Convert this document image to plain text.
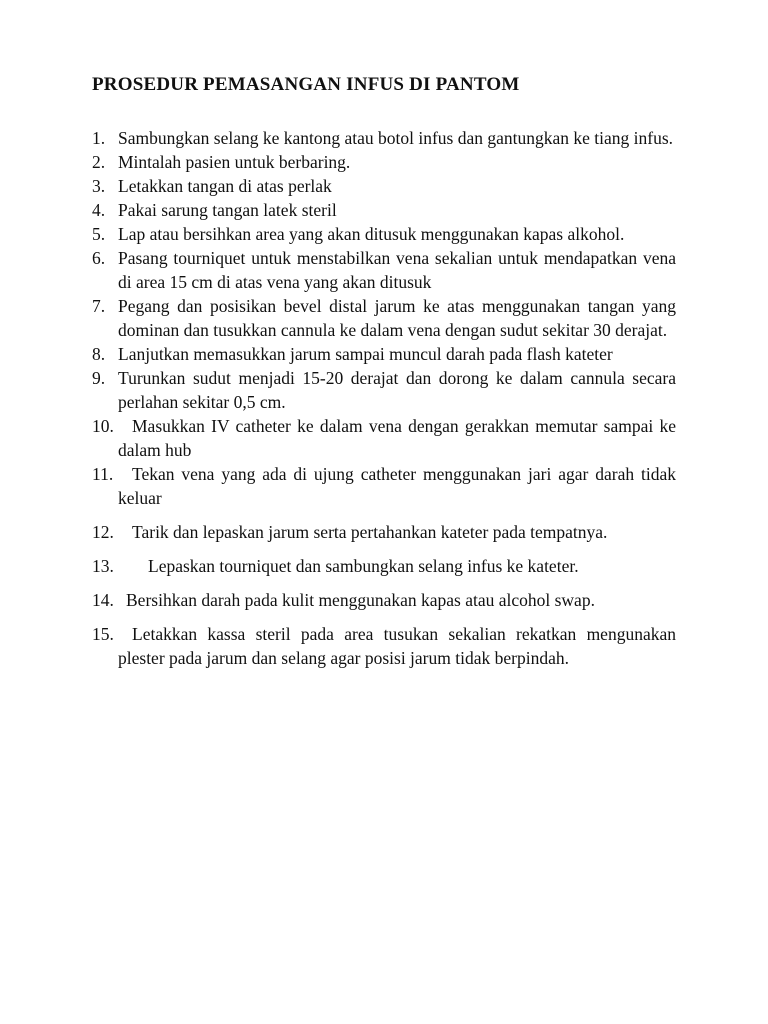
PROSEDUR PEMASANGAN INFUS DI PANTOM
1. Sambungkan selang ke kantong atau botol infus dan gantungkan ke tiang infus.
2. Mintalah pasien untuk berbaring.
3. Letakkan tangan di atas perlak
4. Pakai sarung tangan latek steril
5. Lap atau bersihkan area yang akan ditusuk menggunakan kapas alkohol.
6. Pasang tourniquet untuk menstabilkan vena sekalian untuk mendapatkan vena di area 15 cm di atas vena yang akan ditusuk
7. Pegang dan posisikan bevel distal jarum ke atas menggunakan tangan yang dominan dan tusukkan cannula ke dalam vena dengan sudut sekitar 30 derajat.
8. Lanjutkan memasukkan jarum sampai muncul darah pada flash kateter
9. Turunkan sudut menjadi 15-20 derajat dan dorong ke dalam cannula secara perlahan sekitar 0,5 cm.
10. Masukkan IV catheter ke dalam vena dengan gerakkan memutar sampai ke dalam hub
11. Tekan vena yang ada di ujung catheter menggunakan jari agar darah tidak keluar
12. Tarik dan lepaskan jarum serta pertahankan kateter pada tempatnya.
13. Lepaskan tourniquet dan sambungkan selang infus ke kateter.
14. Bersihkan darah pada kulit menggunakan kapas atau alcohol swap.
15. Letakkan kassa steril pada area tusukan sekalian rekatkan mengunakan plester pada jarum dan selang agar posisi jarum tidak berpindah.
